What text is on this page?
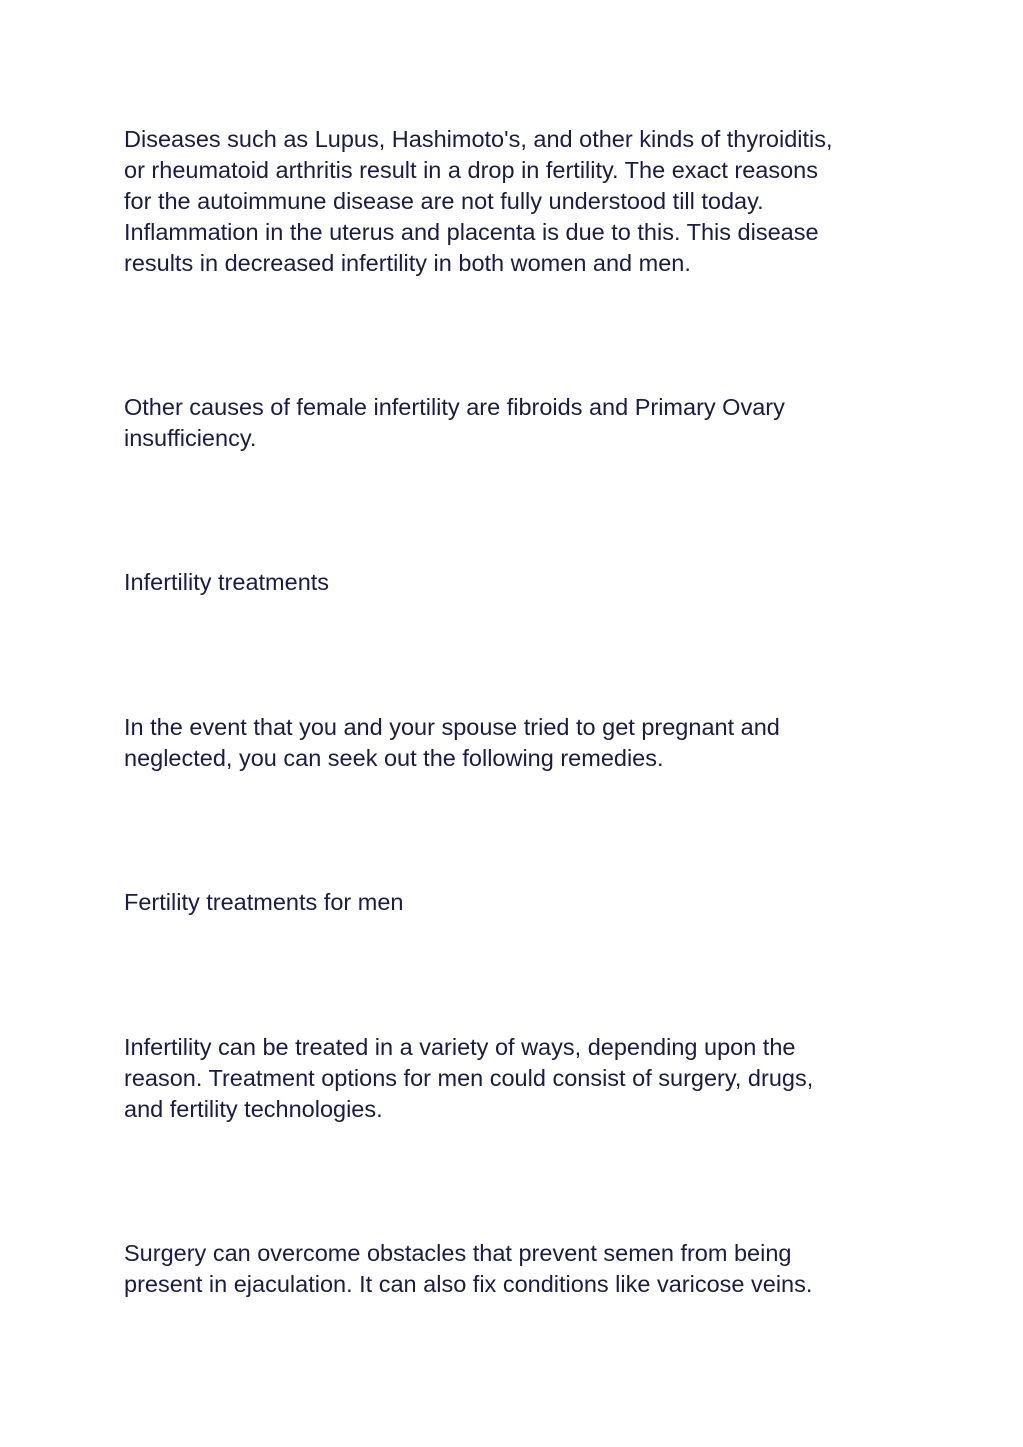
Diseases such as Lupus, Hashimoto's, and other kinds of thyroiditis,
or rheumatoid arthritis result in a drop in fertility. The exact reasons
for the autoimmune disease are not fully understood till today.
Inflammation in the uterus and placenta is due to this. This disease
results in decreased infertility in both women and men.

Other causes of female infertility are fibroids and Primary Ovary
insufficiency.

Infertility treatments

In the event that you and your spouse tried to get pregnant and
neglected, you can seek out the following remedies.

Fertility treatments for men

Infertility can be treated in a variety of ways, depending upon the
reason. Treatment options for men could consist of surgery, drugs,
and fertility technologies.

Surgery can overcome obstacles that prevent semen from being
present in ejaculation. It can also fix conditions like varicose veins.
